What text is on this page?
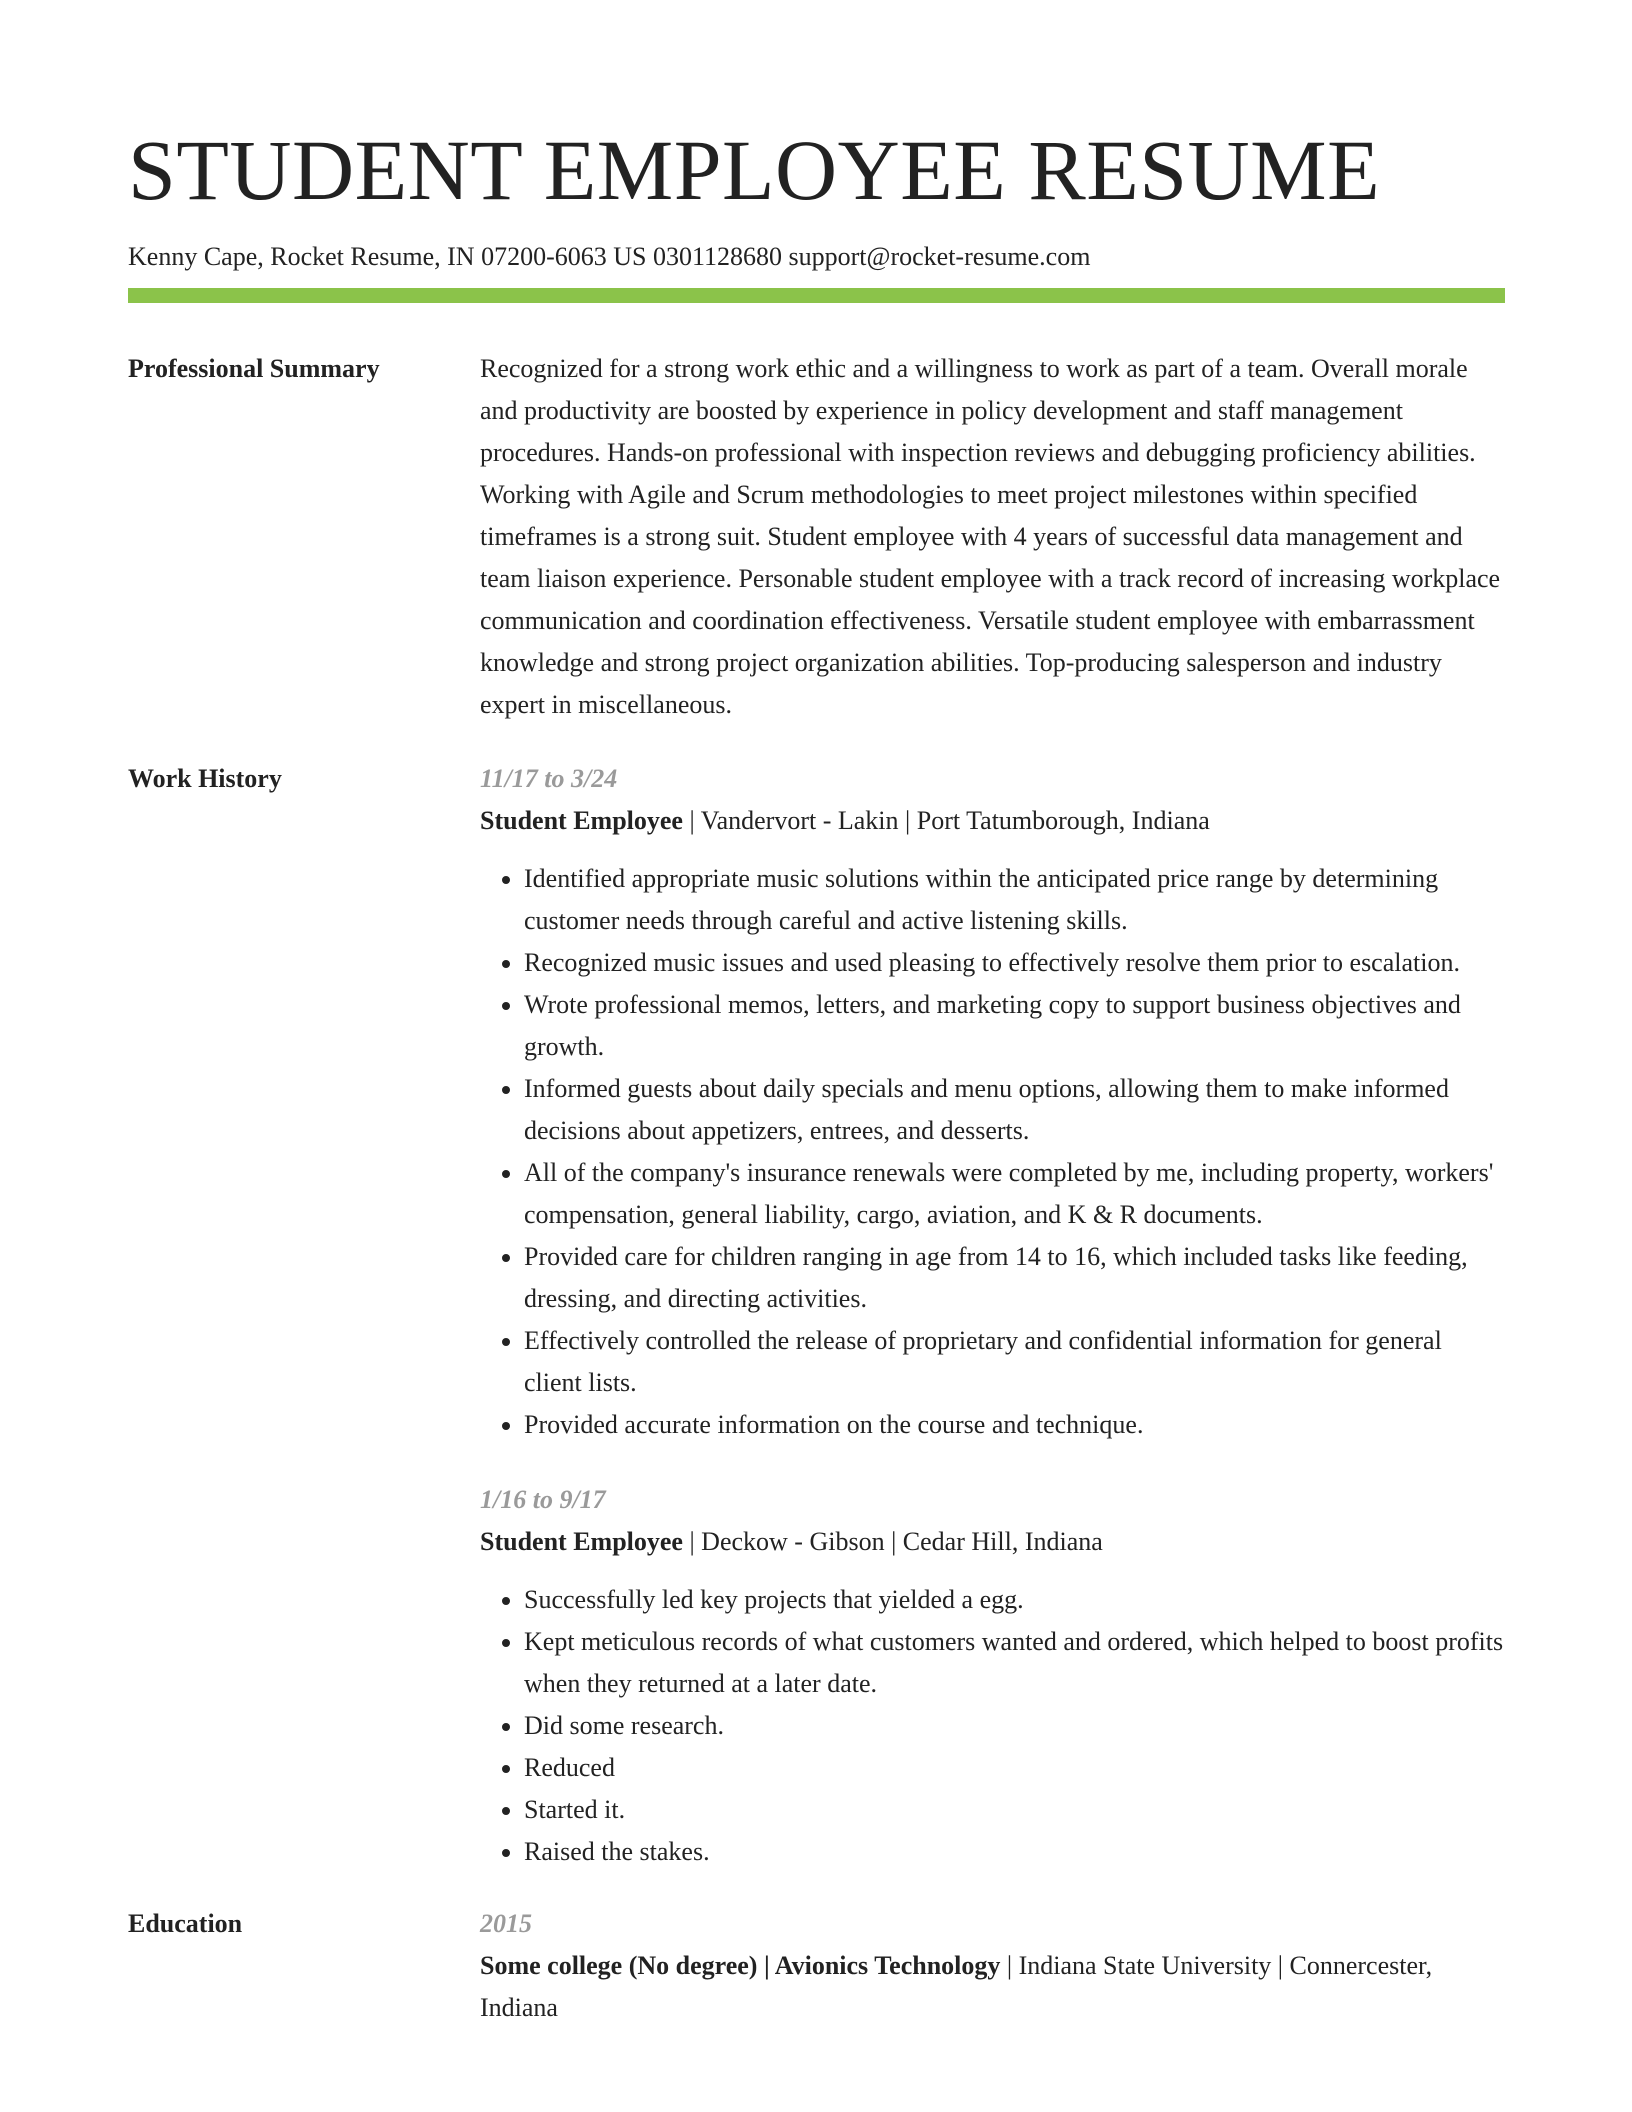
STUDENT EMPLOYEE RESUME
Kenny Cape, Rocket Resume, IN 07200-6063 US 0301128680 support@rocket-resume.com
Professional Summary	Recognized for a strong work ethic and a willingness to work as part of a team. Overall morale and productivity are boosted by experience in policy development and staff management procedures. Hands-on professional with inspection reviews and debugging proficiency abilities. Working with Agile and Scrum methodologies to meet project milestones within specified timeframes is a strong suit. Student employee with 4 years of successful data management and team liaison experience. Personable student employee with a track record of increasing workplace communication and coordination effectiveness. Versatile student employee with embarrassment knowledge and strong project organization abilities. Top-producing salesperson and industry expert in miscellaneous.

Work History	11/17 to 3/24
Student Employee | Vandervort - Lakin | Port Tatumborough, Indiana
• Identified appropriate music solutions within the anticipated price range by determining customer needs through careful and active listening skills.
• Recognized music issues and used pleasing to effectively resolve them prior to escalation.
• Wrote professional memos, letters, and marketing copy to support business objectives and growth.
• Informed guests about daily specials and menu options, allowing them to make informed decisions about appetizers, entrees, and desserts.
• All of the company's insurance renewals were completed by me, including property, workers' compensation, general liability, cargo, aviation, and K & R documents.
• Provided care for children ranging in age from 14 to 16, which included tasks like feeding, dressing, and directing activities.
• Effectively controlled the release of proprietary and confidential information for general client lists.
• Provided accurate information on the course and technique.
1/16 to 9/17
Student Employee | Deckow - Gibson | Cedar Hill, Indiana
• Successfully led key projects that yielded a egg.
• Kept meticulous records of what customers wanted and ordered, which helped to boost profits when they returned at a later date.
• Did some research.
• Reduced
• Started it.
• Raised the stakes.
Education	2015
Some college (No degree) | Avionics Technology | Indiana State University | Connercester, Indiana
